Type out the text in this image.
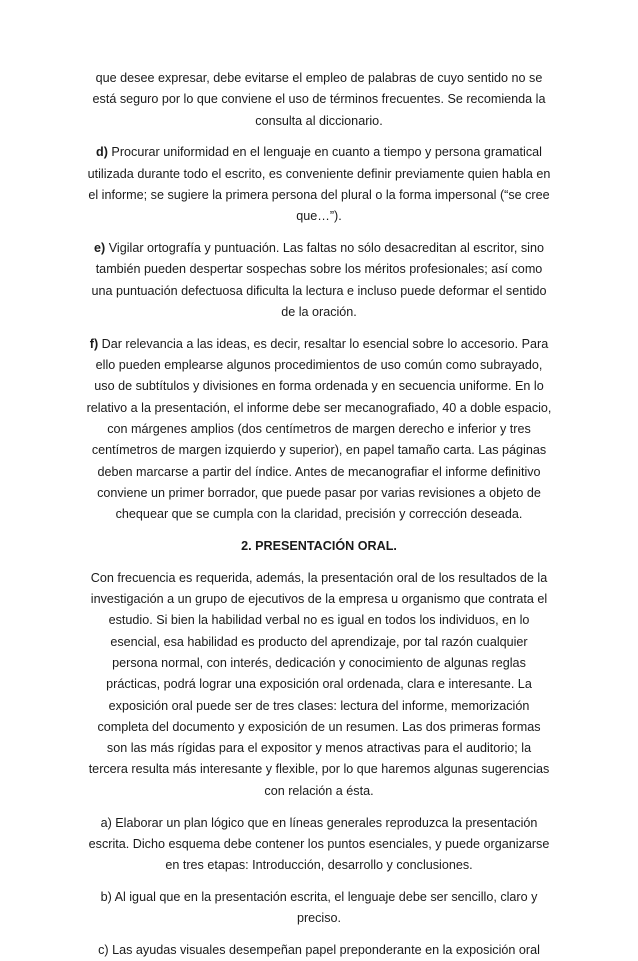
que desee expresar, debe evitarse el empleo de palabras de cuyo sentido no se está seguro por lo que conviene el uso de términos frecuentes. Se recomienda la consulta al diccionario.

d) Procurar uniformidad en el lenguaje en cuanto a tiempo y persona gramatical utilizada durante todo el escrito, es conveniente definir previamente quien habla en el informe; se sugiere la primera persona del plural o la forma impersonal (“se cree que…”).

e) Vigilar ortografía y puntuación. Las faltas no sólo desacreditan al escritor, sino también pueden despertar sospechas sobre los méritos profesionales; así como una puntuación defectuosa dificulta la lectura e incluso puede deformar el sentido de la oración.

f) Dar relevancia a las ideas, es decir, resaltar lo esencial sobre lo accesorio. Para ello pueden emplearse algunos procedimientos de uso común como subrayado, uso de subtítulos y divisiones en forma ordenada y en secuencia uniforme. En lo relativo a la presentación, el informe debe ser mecanografiado, 40 a doble espacio, con márgenes amplios (dos centímetros de margen derecho e inferior y tres centímetros de margen izquierdo y superior), en papel tamaño carta. Las páginas deben marcarse a partir del índice. Antes de mecanografiar el informe definitivo conviene un primer borrador, que puede pasar por varias revisiones a objeto de chequear que se cumpla con la claridad, precisión y corrección deseada.

2. PRESENTACIÓN ORAL.

Con frecuencia es requerida, además, la presentación oral de los resultados de la investigación a un grupo de ejecutivos de la empresa u organismo que contrata el estudio. Si bien la habilidad verbal no es igual en todos los individuos, en lo esencial, esa habilidad es producto del aprendizaje, por tal razón cualquier persona normal, con interés, dedicación y conocimiento de algunas reglas prácticas, podrá lograr una exposición oral ordenada, clara e interesante. La exposición oral puede ser de tres clases: lectura del informe, memorización completa del documento y exposición de un resumen. Las dos primeras formas son las más rígidas para el expositor y menos atractivas para el auditorio; la tercera resulta más interesante y flexible, por lo que haremos algunas sugerencias con relación a ésta.

a) Elaborar un plan lógico que en líneas generales reproduzca la presentación escrita. Dicho esquema debe contener los puntos esenciales, y puede organizarse en tres etapas: Introducción, desarrollo y conclusiones.

b) Al igual que en la presentación escrita, el lenguaje debe ser sencillo, claro y preciso.

c) Las ayudas visuales desempeñan papel preponderante en la exposición oral
